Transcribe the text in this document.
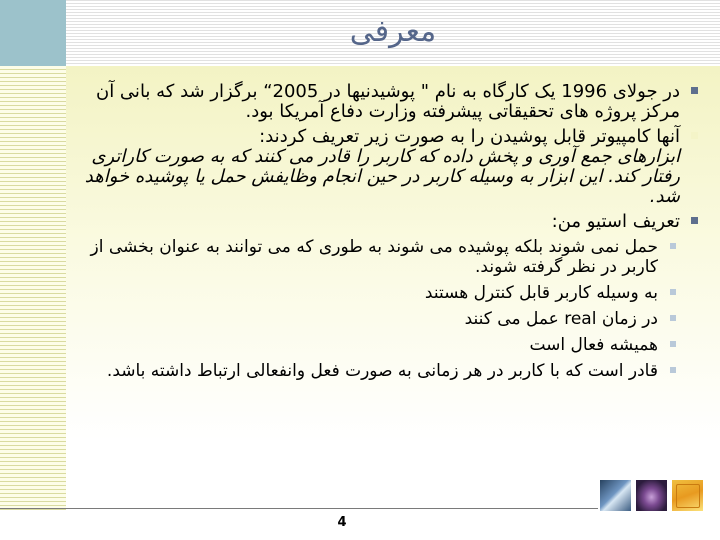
معرفی
در جولای 1996 یک کارگاه به نام " پوشیدنیها در 2005“ برگزار شد که بانی آن مرکز پروژه های تحقیقاتی پیشرفته وزارت دفاع آمریکا بود.
آنها کامپیوتر قابل پوشیدن را به صورت زیر تعریف کردند:
ابزارهای جمع آوری و پخش داده که کاربر را قادر می کنند که به صورت کاراتری رفتار کند. این ابزار به وسیله کاربر در حین انجام وظایفش حمل یا پوشیده خواهد شد.
تعریف استیو من:
حمل نمی شوند بلکه پوشیده می شوند به طوری که می توانند به عنوان بخشی از کاربر در نظر گرفته شوند.
به وسیله کاربر قابل کنترل هستند
در زمان real عمل می کنند
همیشه فعال است
قادر است که با کاربر در هر زمانی به صورت فعل وانفعالی ارتباط داشته باشد.
4
